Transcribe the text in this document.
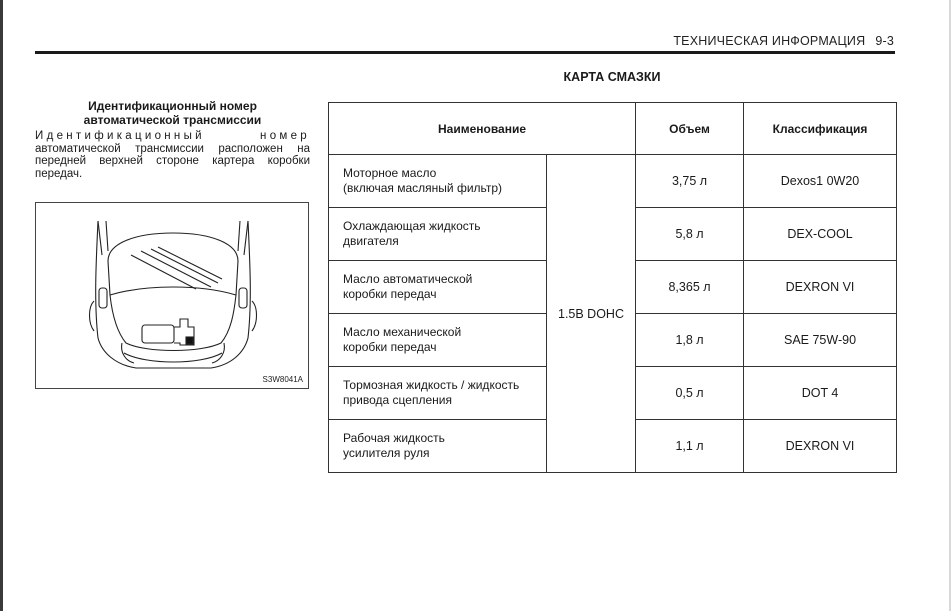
ТЕХНИЧЕСКАЯ ИНФОРМАЦИЯ 9-3
КАРТА СМАЗКИ
Идентификационный номер
автоматической трансмиссии

Идентификационный номер автоматической трансмиссии расположен на передней верхней стороне картера коробки передач.

S3W8041A
Наименование		Объем	Классификация

Моторное масло
(включая масляный фильтр)	1.5В DOHC	3,75 л	Dexos1 0W20

Охлаждающая жидкость
двигателя		5,8 л	DEX-COOL

Масло автоматической
коробки передач		8,365 л	DEXRON VI

Масло механической
коробки передач		1,8 л	SAE 75W-90

Тормозная жидкость / жидкость
привода сцепления		0,5 л	DOT 4

Рабочая жидкость
усилителя руля		1,1 л	DEXRON VI
